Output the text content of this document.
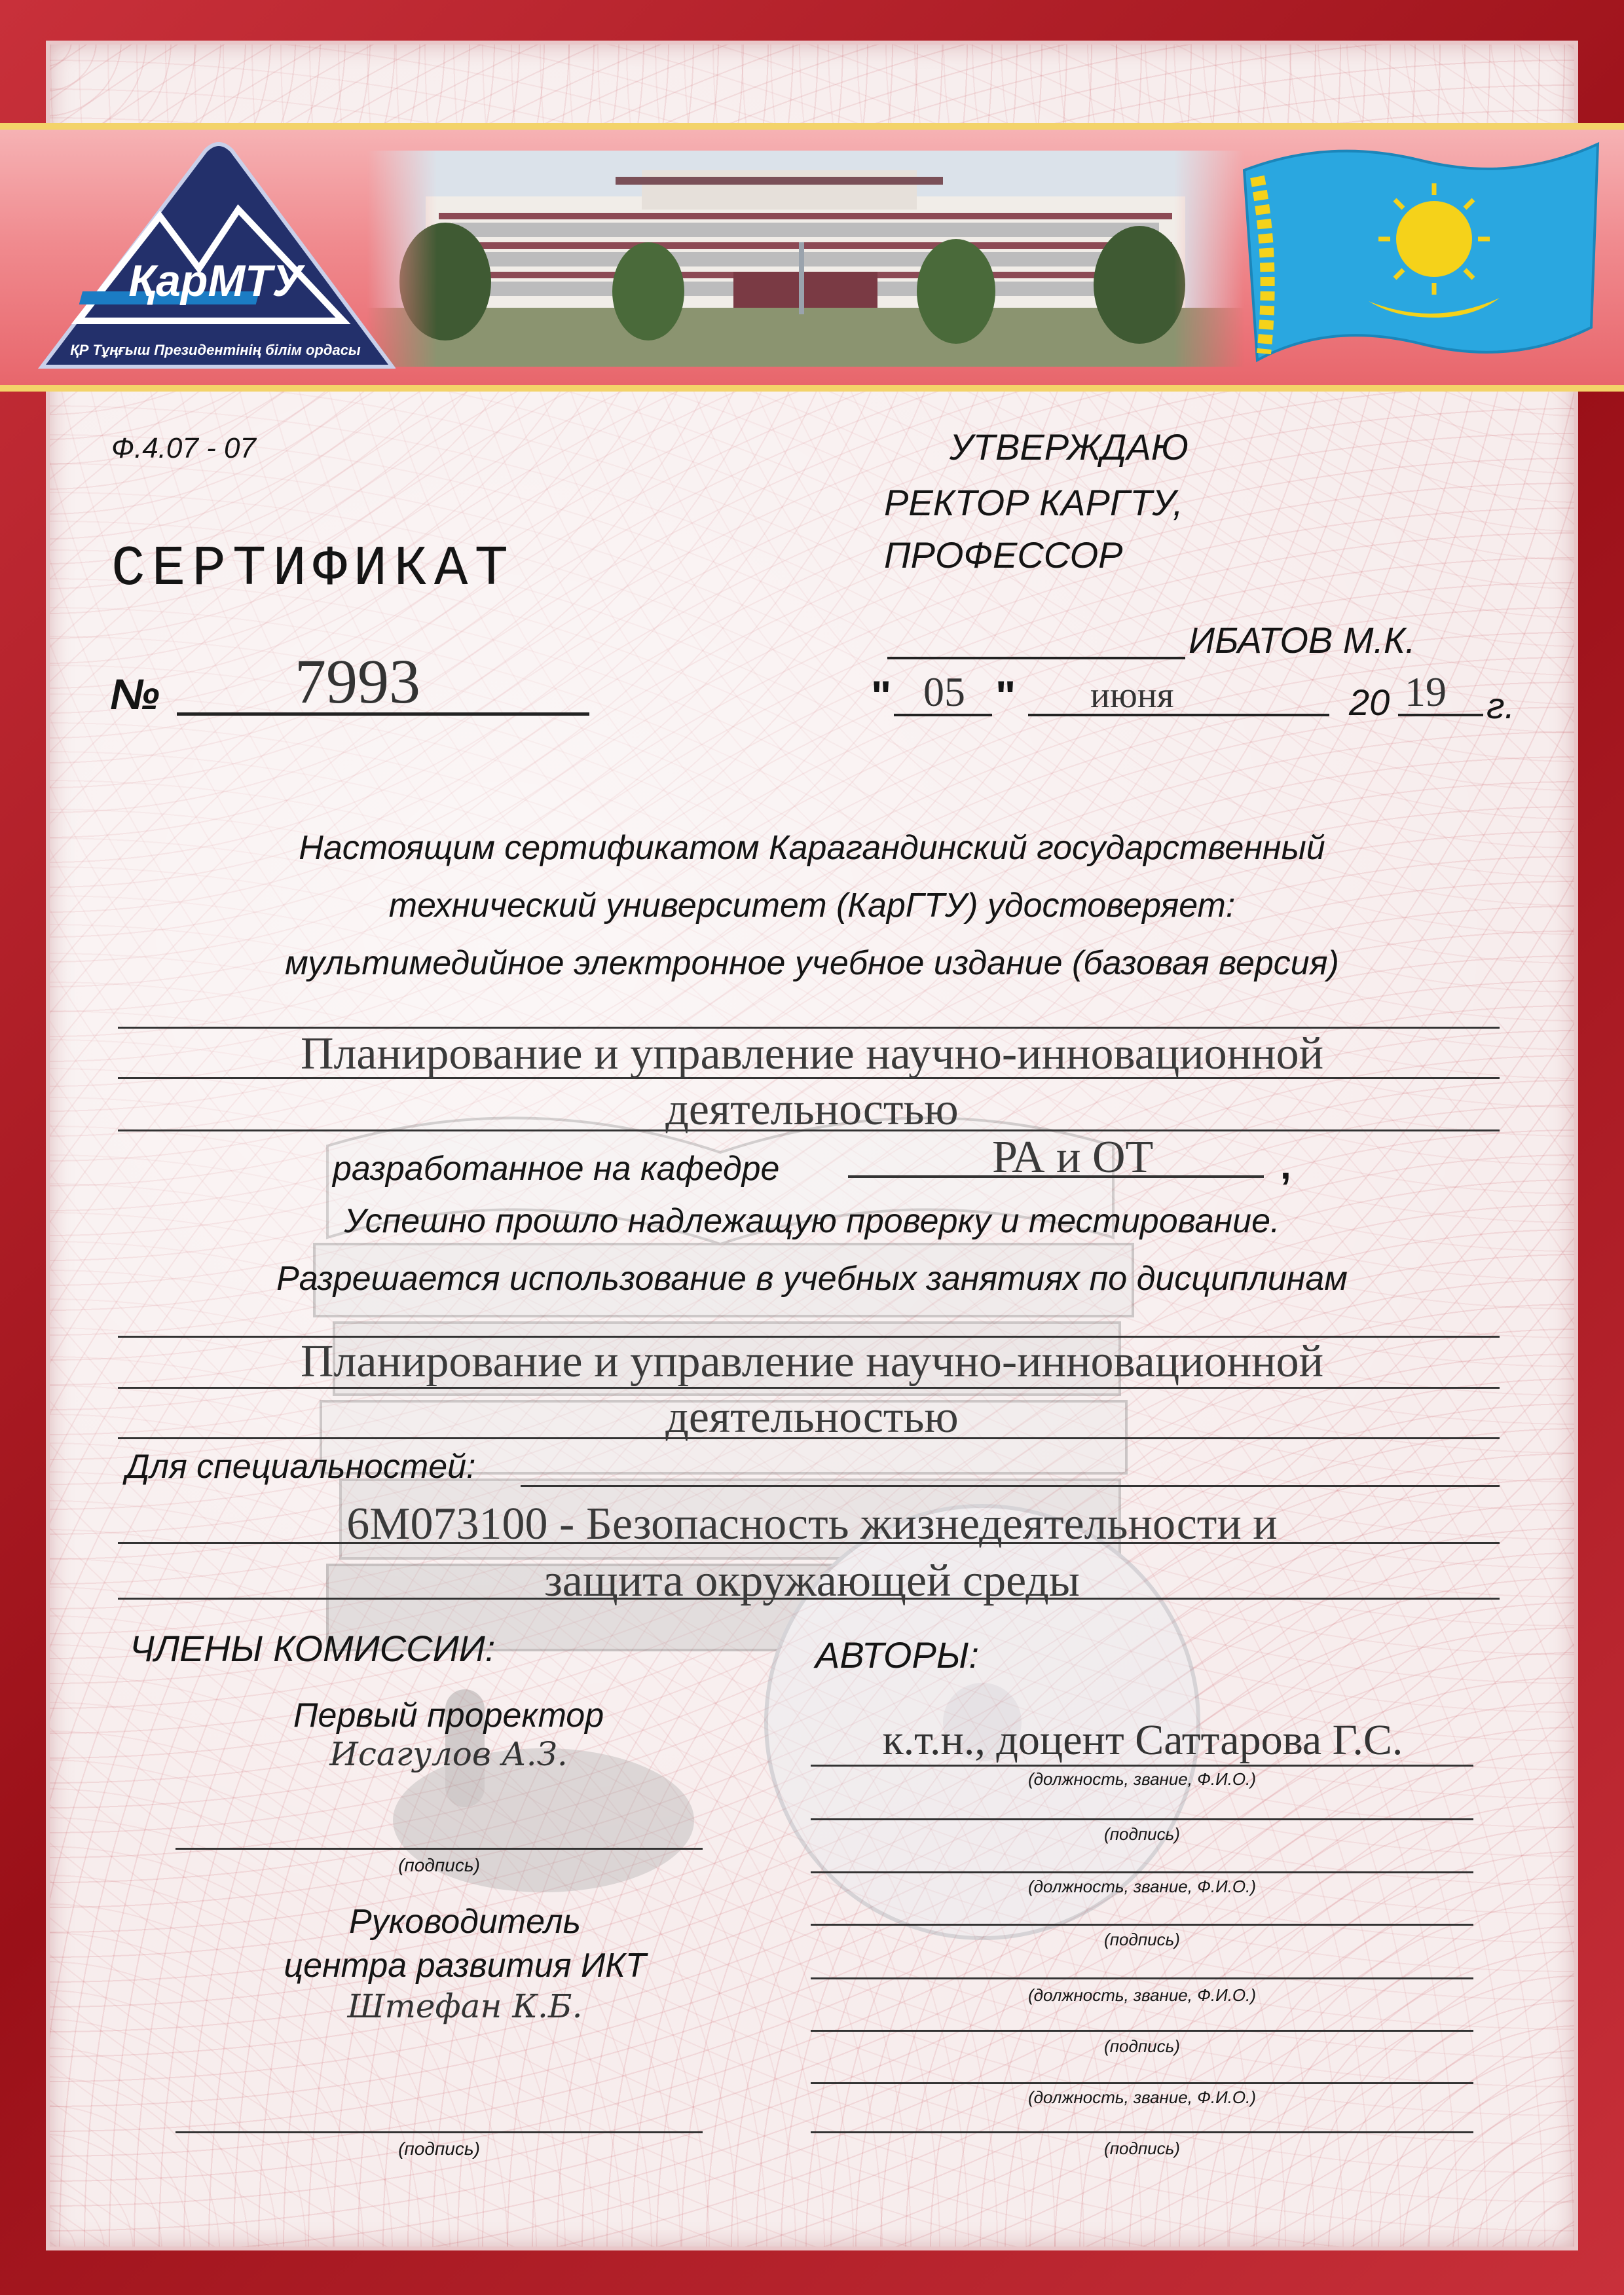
ҚарМТУ
ҚР Тұңғыш Президентінің білім ордасы
Ф.4.07 - 07	УТВЕРЖДАЮ
РЕКТОР КАРГТУ,
ПРОФЕССОР
ИБАТОВ М.К.
СЕРТИФИКАТ
№ 7993	" 05 " июня	20 19 г.
Настоящим сертификатом Карагандинский государственный
технический университет (КарГТУ) удостоверяет:
мультимедийное электронное учебное издание (базовая версия)
Планирование и управление научно-инновационной
деятельностью
разработанное на кафедре	РА и ОТ	,
Успешно прошло надлежащую проверку и тестирование.
Разрешается использование в учебных занятиях по дисциплинам
Планирование и управление научно-инновационной
деятельностью
Для специальностей:
6M073100 - Безопасность жизнедеятельности и
защита окружающей среды
ЧЛЕНЫ КОМИССИИ:
Первый проректор
Исагулов А.З.
(подпись)
Руководитель
центра развития ИКТ
Штефан К.Б.
(подпись)
АВТОРЫ:
к.т.н., доцент Саттарова Г.С.
(должность, звание, Ф.И.О.)
(подпись)
(должность, звание, Ф.И.О.)
(подпись)
(должность, звание, Ф.И.О.)
(подпись)
(должность, звание, Ф.И.О.)
(подпись)
